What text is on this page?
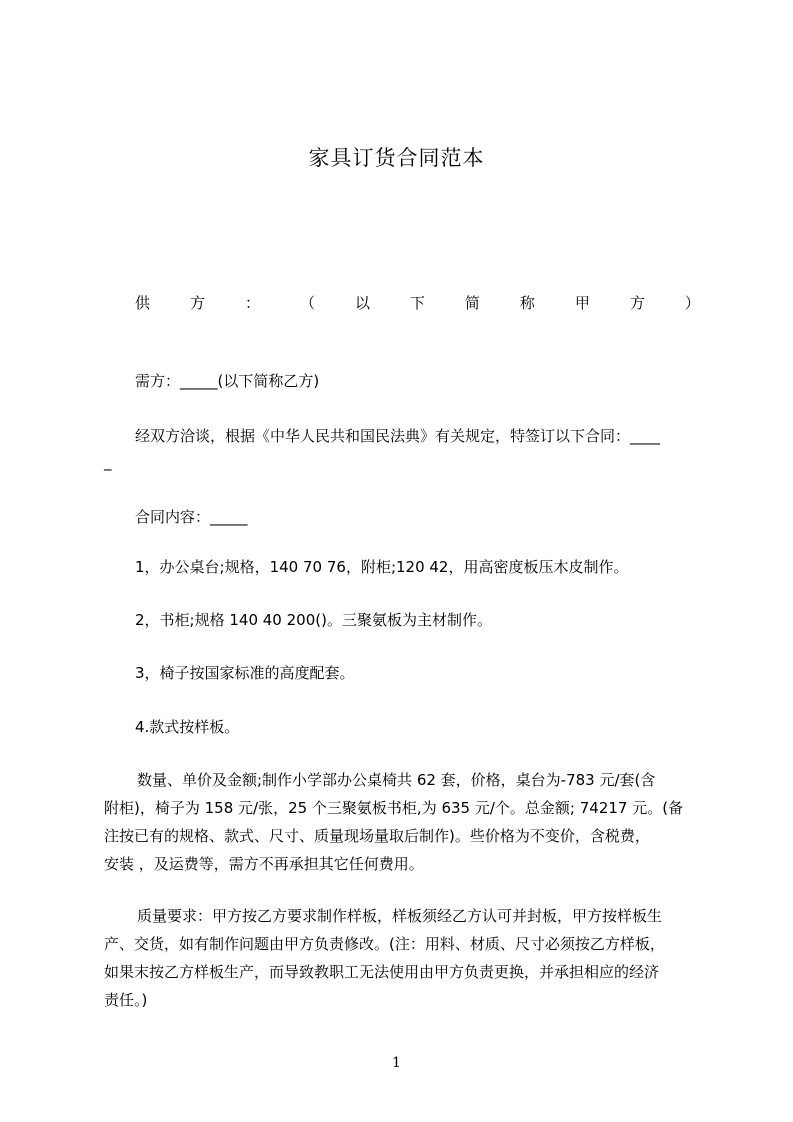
家具订货合同范本
供	方	：	（	以	下	简	称	甲	方	）
需方：_____(以下简称乙方)
经双方洽谈，根据《中华人民共和国民法典》有关规定，特签订以下合同：____
_
合同内容：_____
1，办公桌台;规格，140 70 76，附柜;120 42，用高密度板压木皮制作。
2，书柜;规格 140 40 200()。三聚氨板为主材制作。
3，椅子按国家标准的高度配套。
4.款式按样板。
数量、单价及金额;制作小学部办公桌椅共 62 套，价格，桌台为-783 元/套(含
附柜)，椅子为 158 元/张，25 个三聚氨板书柜,为 635 元/个。总金额; 74217 元。(备
注按已有的规格、款式、尺寸、质量现场量取后制作)。些价格为不变价，含税费，
安装 ，及运费等，需方不再承担其它任何费用。
质量要求：甲方按乙方要求制作样板，样板须经乙方认可并封板，甲方按样板生
产、交货，如有制作问题由甲方负责修改。(注：用料、材质、尺寸必须按乙方样板，
如果末按乙方样板生产，而导致教职工无法使用由甲方负责更换，并承担相应的经济
责任。)
1
